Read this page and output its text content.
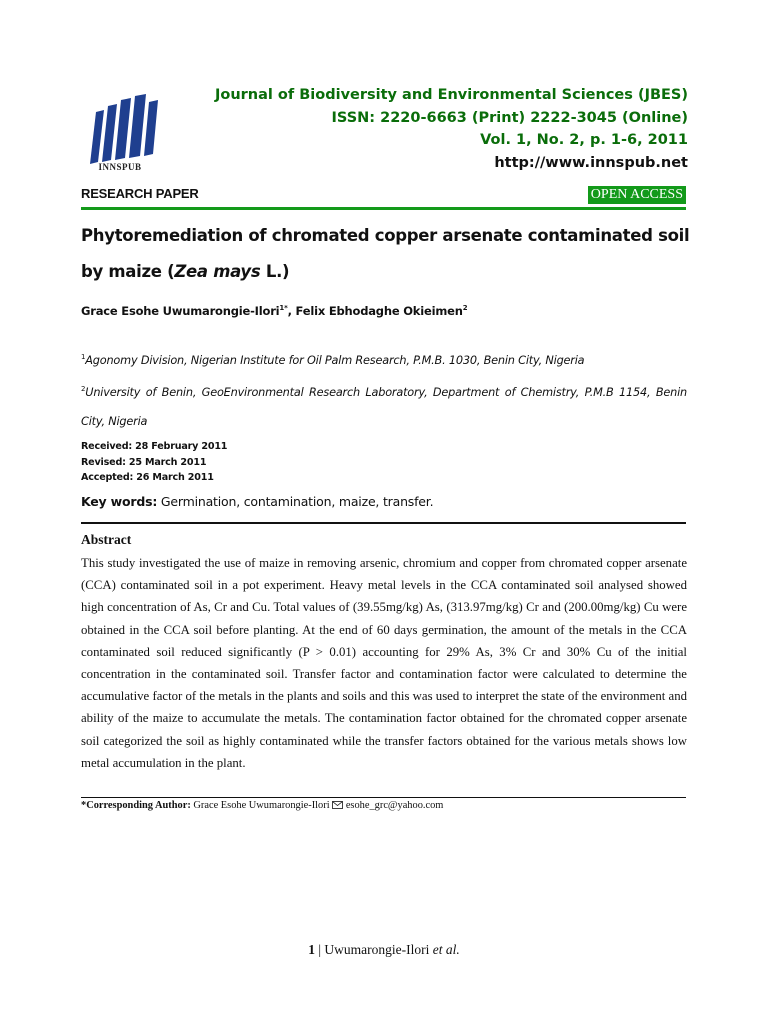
INNSPUB
Journal of Biodiversity and Environmental Sciences (JBES)
ISSN: 2220-6663 (Print) 2222-3045 (Online)
Vol. 1, No. 2, p. 1-6, 2011
http://www.innspub.net
RESEARCH PAPER	OPEN ACCESS
Phytoremediation of chromated copper arsenate contaminated soil by maize (Zea mays L.)
Grace Esohe Uwumarongie-Ilori$^{1*}$, Felix Ebhodaghe Okieimen$^2$

$^1$Agonomy Division, Nigerian Institute for Oil Palm Research, P.M.B. 1030, Benin City, Nigeria

$^2$University of Benin, GeoEnvironmental Research Laboratory, Department of Chemistry, P.M.B 1154, Benin City, Nigeria

Received: 28 February 2011
Revised: 25 March 2011
Accepted: 26 March 2011
Key words: Germination, contamination, maize, transfer.
Abstract

This study investigated the use of maize in removing arsenic, chromium and copper from chromated copper arsenate (CCA) contaminated soil in a pot experiment. Heavy metal levels in the CCA contaminated soil analysed showed high concentration of As, Cr and Cu. Total values of (39.55mg/kg) As, (313.97mg/kg) Cr and (200.00mg/kg) Cu were obtained in the CCA soil before planting. At the end of 60 days germination, the amount of the metals in the CCA contaminated soil reduced significantly (P > 0.01) accounting for 29% As, 3% Cr and 30% Cu of the initial concentration in the contaminated soil. Transfer factor and contamination factor were calculated to determine the accumulative factor of the metals in the plants and soils and this was used to interpret the state of the environment and ability of the maize to accumulate the metals. The contamination factor obtained for the chromated copper arsenate soil categorized the soil as highly contaminated while the transfer factors obtained for the various metals shows low metal accumulation in the plant.

*Corresponding Author: Grace Esohe Uwumarongie-Ilori esohe_grc@yahoo.com
1 | Uwumarongie-Ilori et al.
